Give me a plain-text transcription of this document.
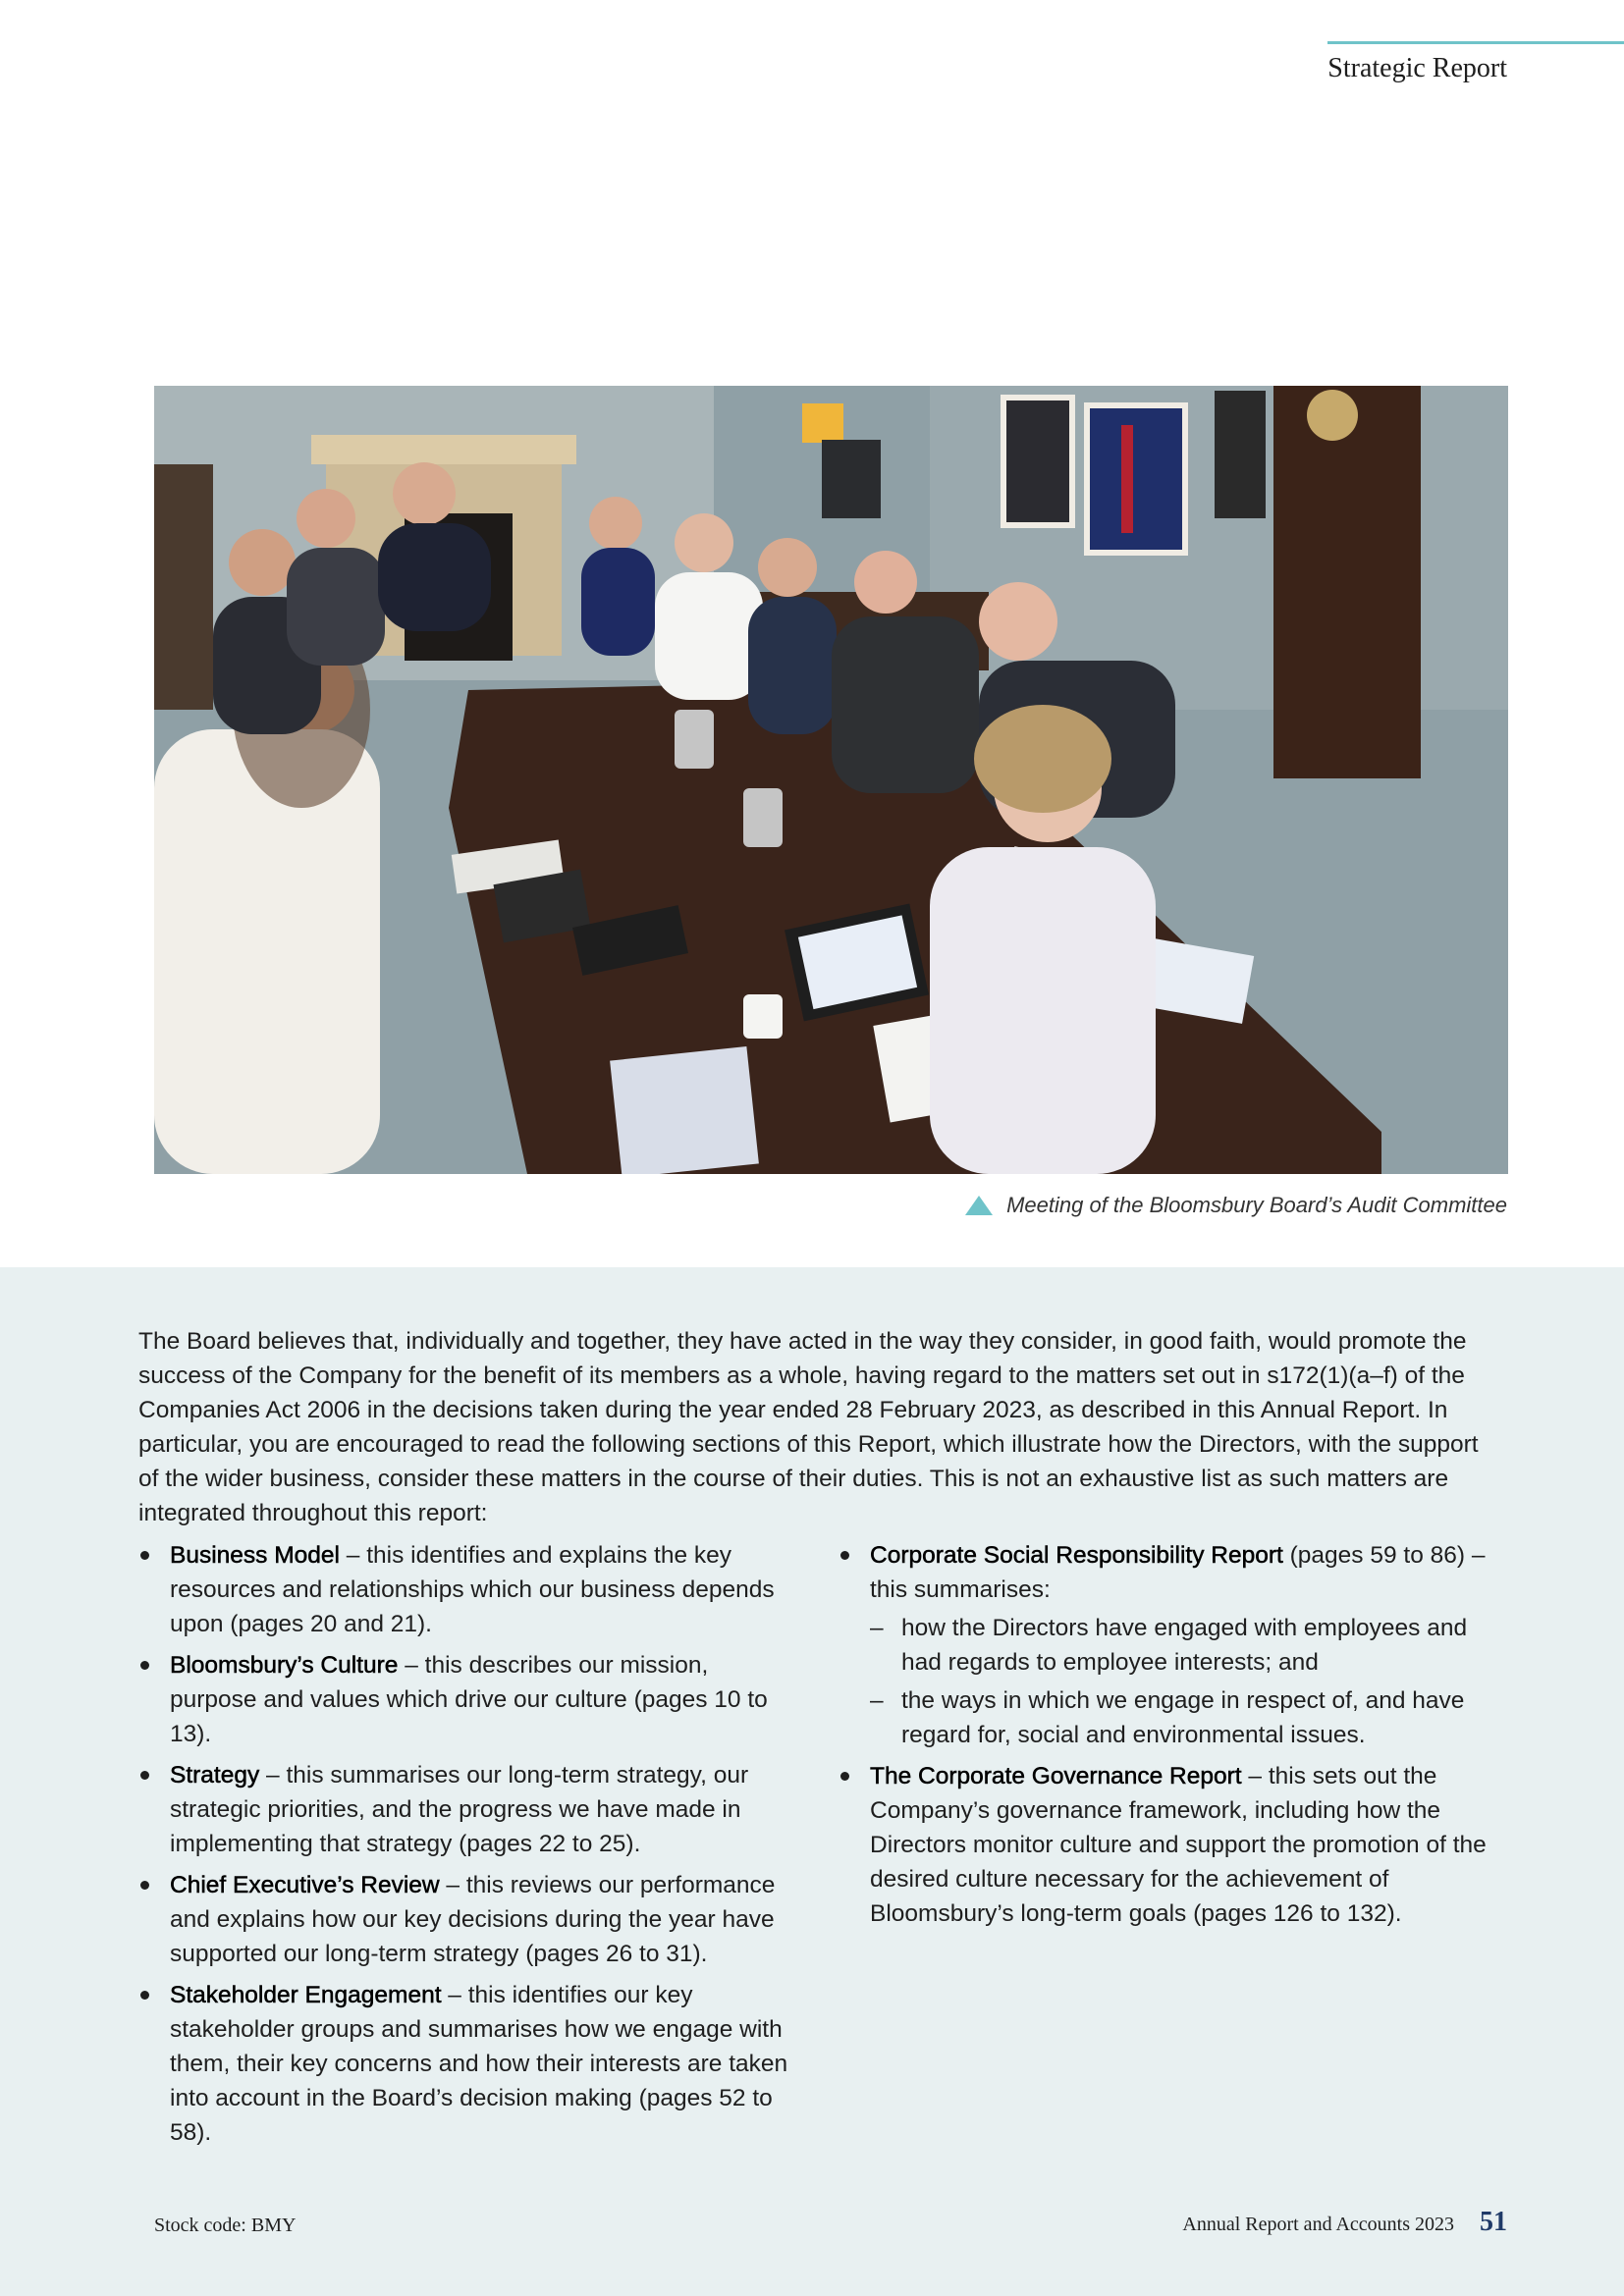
Strategic Report
Meeting of the Bloomsbury Board’s Audit Committee

The Board believes that, individually and together, they have acted in the way they consider, in good faith, would promote the success of the Company for the benefit of its members as a whole, having regard to the matters set out in s172(1)(a–f) of the Companies Act 2006 in the decisions taken during the year ended 28 February 2023, as described in this Annual Report. In particular, you are encouraged to read the following sections of this Report, which illustrate how the Directors, with the support of the wider business, consider these matters in the course of their duties. This is not an exhaustive list as such matters are integrated throughout this report:

Business Model – this identifies and explains the key resources and relationships which our business depends upon (pages 20 and 21).
Bloomsbury’s Culture – this describes our mission, purpose and values which drive our culture (pages 10 to 13).
Strategy – this summarises our long-term strategy, our strategic priorities, and the progress we have made in implementing that strategy (pages 22 to 25).
Chief Executive’s Review – this reviews our performance and explains how our key decisions during the year have supported our long-term strategy (pages 26 to 31).
Stakeholder Engagement – this identifies our key stakeholder groups and summarises how we engage with them, their key concerns and how their interests are taken into account in the Board’s decision making (pages 52 to 58).
Corporate Social Responsibility Report (pages 59 to 86) – this summarises:
– how the Directors have engaged with employees and had regards to employee interests; and
– the ways in which we engage in respect of, and have regard for, social and environmental issues.
The Corporate Governance Report – this sets out the Company’s governance framework, including how the Directors monitor culture and support the promotion of the desired culture necessary for the achievement of Bloomsbury’s long-term goals (pages 126 to 132).
Stock code: BMY	Annual Report and Accounts 2023 51
